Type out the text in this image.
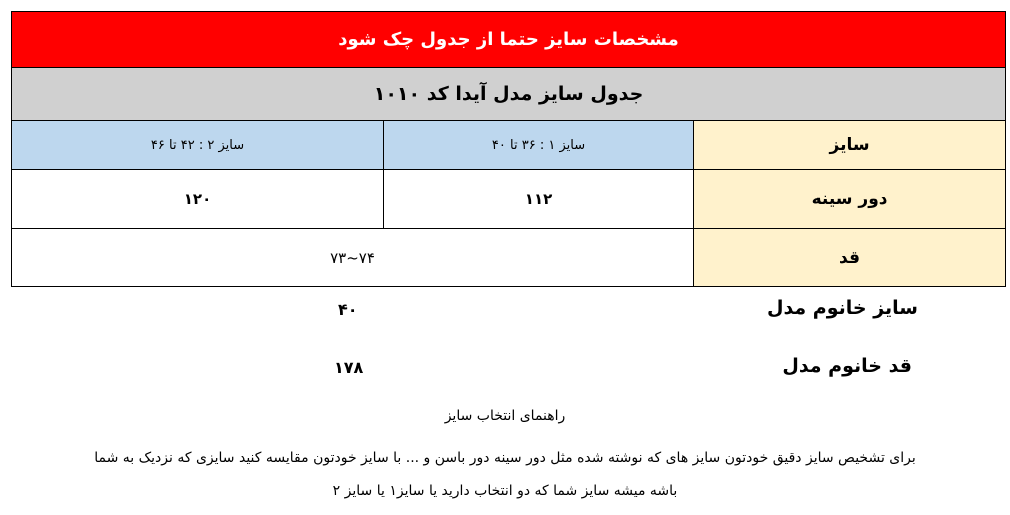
مشخصات سایز حتما از جدول چک شود		
جدول سایز مدل آیدا کد ۱۰۱۰		
سایز	سایز ۱ : ۳۶ تا ۴۰	سایز ۲ : ۴۲ تا ۴۶
دور سینه	۱۱۲	۱۲۰
قد	۷۴~۷۳	
سایز خانوم مدل
۴۰
قد خانوم مدل
۱۷۸
راهنمای انتخاب سایز
برای تشخیص سایز دقیق خودتون سایز های که نوشته شده مثل دور سینه دور باسن و ... با سایز خودتون مقایسه کنید سایزی که نزدیک به شما
باشه میشه سایز شما که دو انتخاب دارید یا سایز۱ یا سایز ۲
